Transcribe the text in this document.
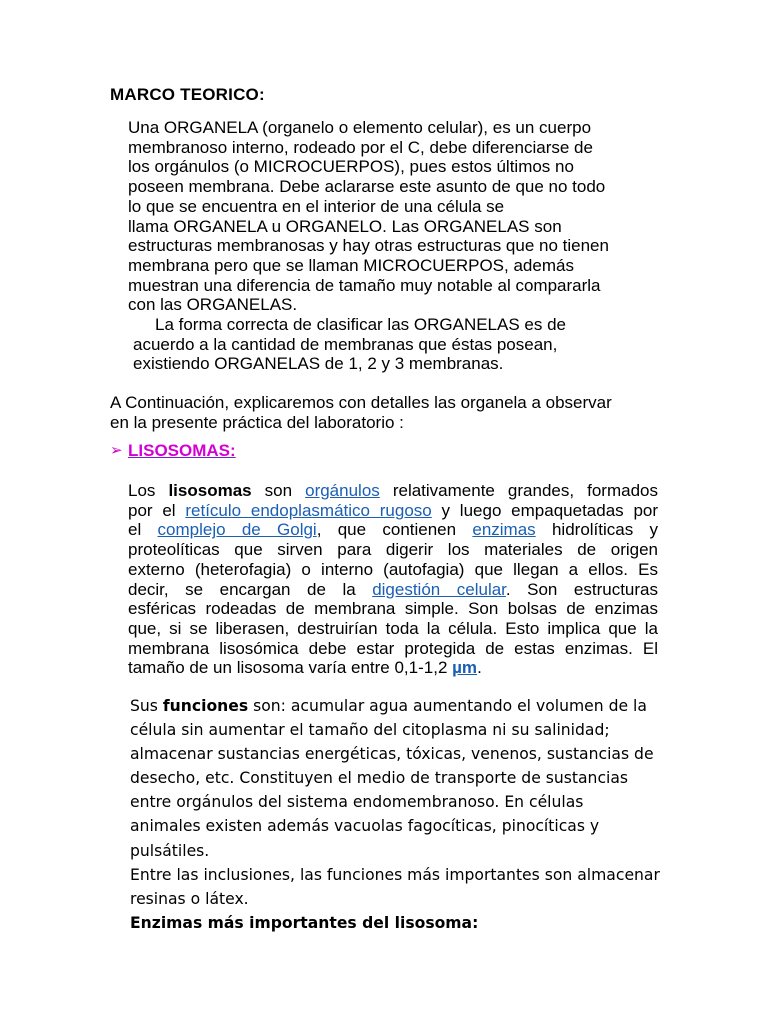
MARCO TEORICO:
Una ORGANELA (organelo o elemento celular), es un cuerpo
membranoso interno, rodeado por el C, debe diferenciarse de
los orgánulos (o MICROCUERPOS), pues estos últimos no
poseen membrana. Debe aclararse este asunto de que no todo
lo que se encuentra en el interior de una célula se
llama ORGANELA u ORGANELO. Las ORGANELAS son
estructuras membranosas y hay otras estructuras que no tienen
membrana pero que se llaman MICROCUERPOS, además
muestran una diferencia de tamaño muy notable al compararla
con las ORGANELAS.
La forma correcta de clasificar las ORGANELAS es de
acuerdo a la cantidad de membranas que éstas posean,
existiendo ORGANELAS de 1, 2 y 3 membranas.
A Continuación, explicaremos con detalles las organela a observar
en la presente práctica del laboratorio :
➢ LISOSOMAS:
Los lisosomas son orgánulos relativamente grandes, formados
por el retículo endoplasmático rugoso y luego empaquetadas por
el complejo de Golgi, que contienen enzimas hidrolíticas y
proteolíticas que sirven para digerir los materiales de origen
externo (heterofagia) o interno (autofagia) que llegan a ellos. Es
decir, se encargan de la digestión celular. Son estructuras
esféricas rodeadas de membrana simple. Son bolsas de enzimas
que, si se liberasen, destruirían toda la célula. Esto implica que la
membrana lisosómica debe estar protegida de estas enzimas. El
tamaño de un lisosoma varía entre 0,1-1,2 µm.
Sus funciones son: acumular agua aumentando el volumen de la
célula sin aumentar el tamaño del citoplasma ni su salinidad;
almacenar sustancias energéticas, tóxicas, venenos, sustancias de
desecho, etc. Constituyen el medio de transporte de sustancias
entre orgánulos del sistema endomembranoso. En células
animales existen además vacuolas fagocíticas, pinocíticas y
pulsátiles.
Entre las inclusiones, las funciones más importantes son almacenar
resinas o látex.
Enzimas más importantes del lisosoma:
